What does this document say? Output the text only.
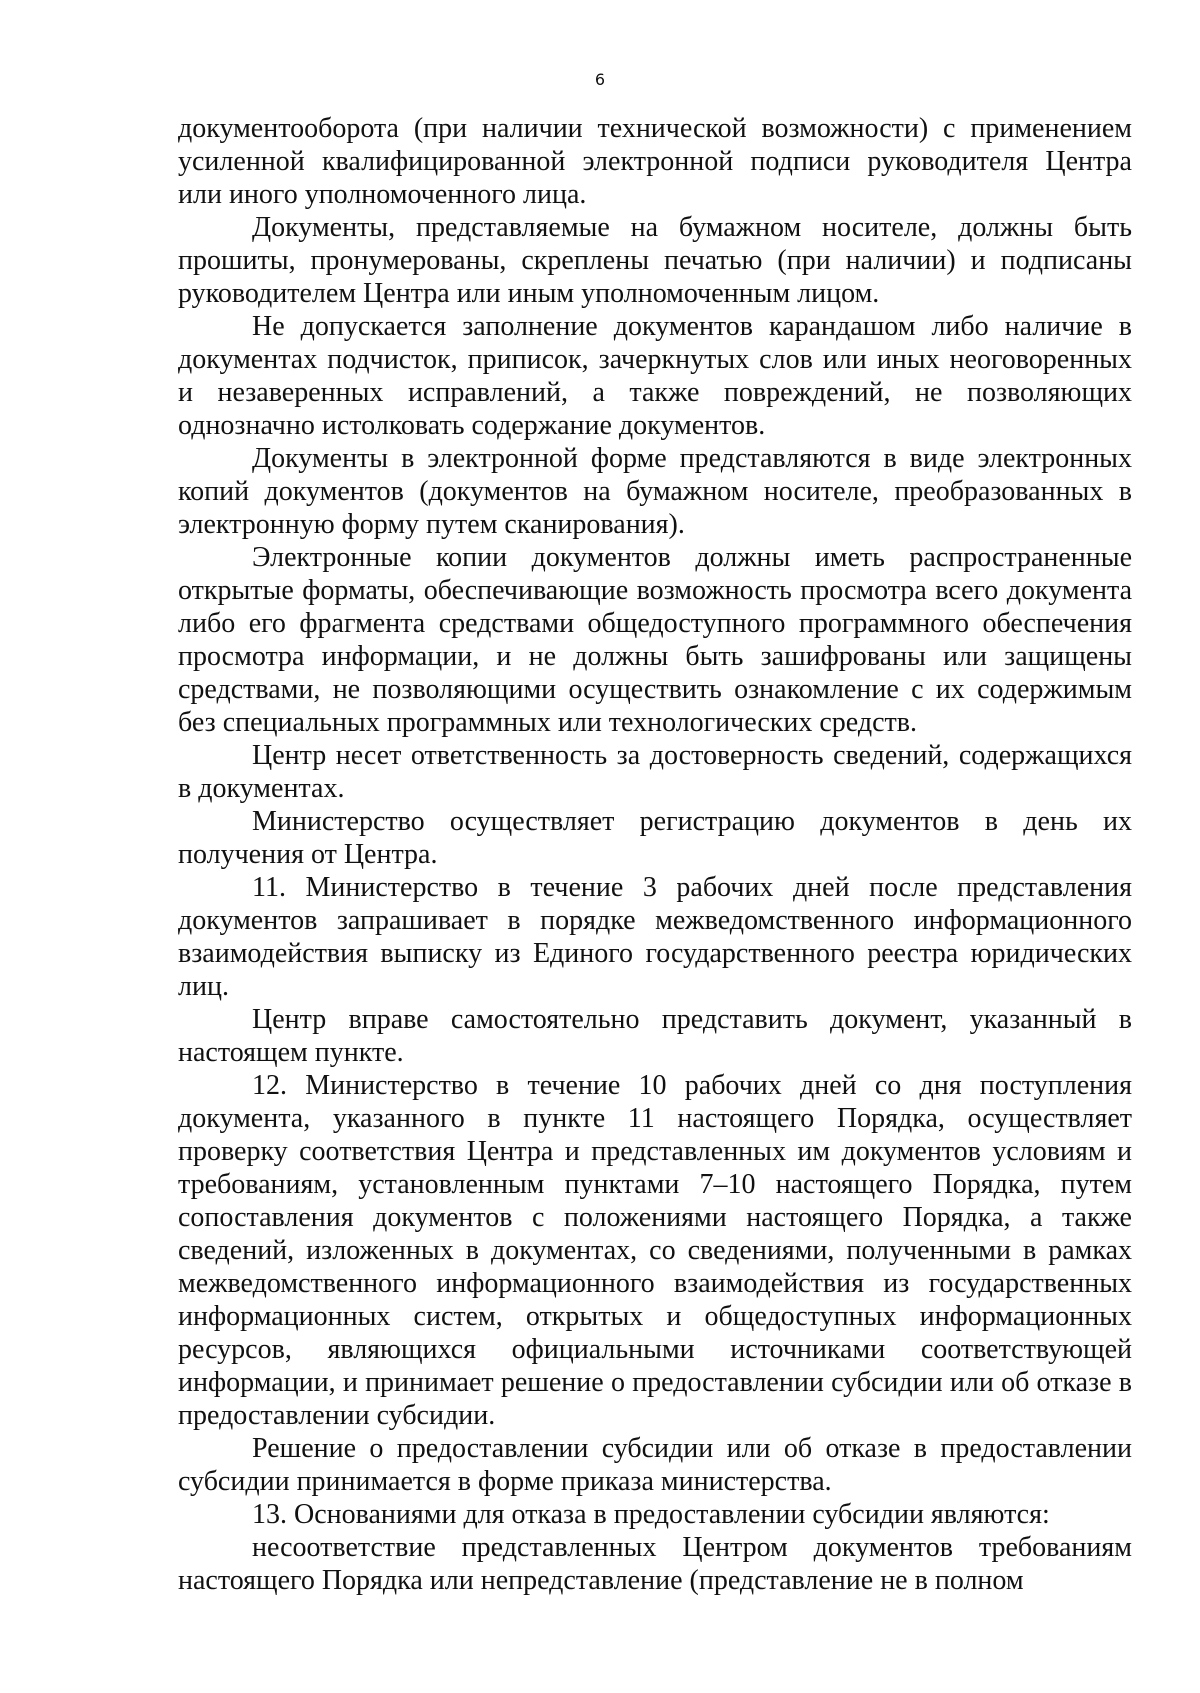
6

документооборота (при наличии технической возможности) с применением усиленной квалифицированной электронной подписи руководителя Центра или иного уполномоченного лица.

Документы, представляемые на бумажном носителе, должны быть прошиты, пронумерованы, скреплены печатью (при наличии) и подписаны руководителем Центра или иным уполномоченным лицом.

Не допускается заполнение документов карандашом либо наличие в документах подчисток, приписок, зачеркнутых слов или иных неоговоренных и незаверенных исправлений, а также повреждений, не позволяющих однозначно истолковать содержание документов.

Документы в электронной форме представляются в виде электронных копий документов (документов на бумажном носителе, преобразованных в электронную форму путем сканирования).

Электронные копии документов должны иметь распространенные открытые форматы, обеспечивающие возможность просмотра всего документа либо его фрагмента средствами общедоступного программного обеспечения просмотра информации, и не должны быть зашифрованы или защищены средствами, не позволяющими осуществить ознакомление с их содержимым без специальных программных или технологических средств.

Центр несет ответственность за достоверность сведений, содержащихся в документах.

Министерство осуществляет регистрацию документов в день их получения от Центра.

11. Министерство в течение 3 рабочих дней после представления документов запрашивает в порядке межведомственного информационного взаимодействия выписку из Единого государственного реестра юридических лиц.

Центр вправе самостоятельно представить документ, указанный в настоящем пункте.

12. Министерство в течение 10 рабочих дней со дня поступления документа, указанного в пункте 11 настоящего Порядка, осуществляет проверку соответствия Центра и представленных им документов условиям и требованиям, установленным пунктами 7–10 настоящего Порядка, путем сопоставления документов с положениями настоящего Порядка, а также сведений, изложенных в документах, со сведениями, полученными в рамках межведомственного информационного взаимодействия из государственных информационных систем, открытых и общедоступных информационных ресурсов, являющихся официальными источниками соответствующей информации, и принимает решение о предоставлении субсидии или об отказе в предоставлении субсидии.

Решение о предоставлении субсидии или об отказе в предоставлении субсидии принимается в форме приказа министерства.

13. Основаниями для отказа в предоставлении субсидии являются:

несоответствие представленных Центром документов требованиям настоящего Порядка или непредставление (представление не в полном
